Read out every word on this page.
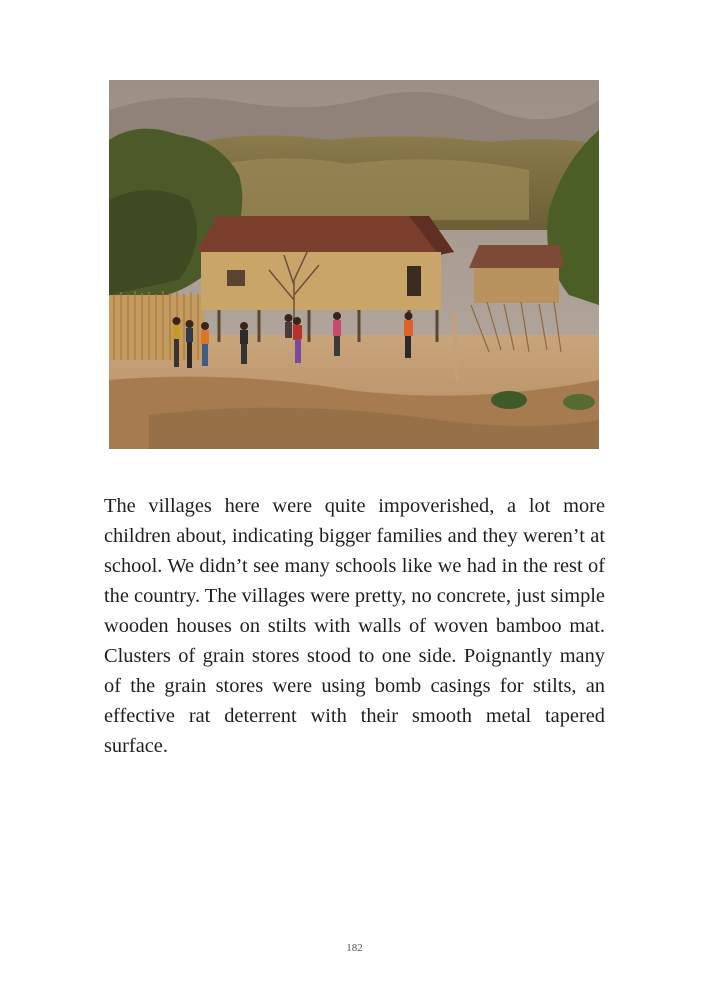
The villages here were quite impoverished, a lot more children about, indicating bigger families and they weren’t at school. We didn’t see many schools like we had in the rest of the country. The villages were pretty, no concrete, just simple wooden houses on stilts with walls of woven bamboo mat. Clusters of grain stores stood to one side. Poignantly many of the grain stores were using bomb casings for stilts, an effective rat deterrent with their smooth metal tapered surface.

182
